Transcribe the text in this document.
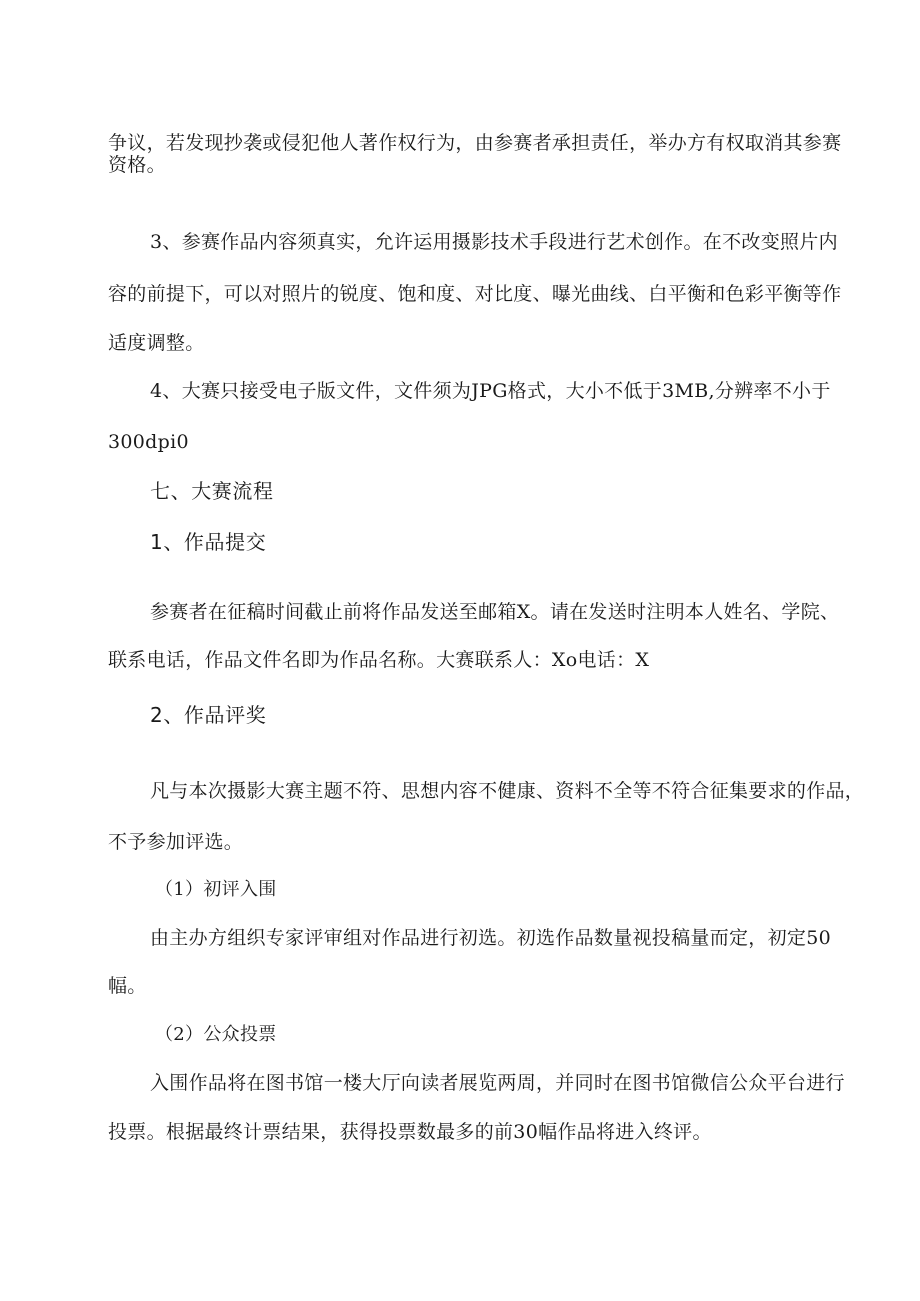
争议，若发现抄袭或侵犯他人著作权行为，由参赛者承担责任，举办方有权取消其参赛
资格。
3、参赛作品内容须真实，允许运用摄影技术手段进行艺术创作。在不改变照片内
容的前提下，可以对照片的锐度、饱和度、对比度、曝光曲线、白平衡和色彩平衡等作
适度调整。
4、大赛只接受电子版文件，文件须为JPG格式，大小不低于3MB,分辨率不小于
300dpi0
七、大赛流程
1、作品提交
参赛者在征稿时间截止前将作品发送至邮箱X。请在发送时注明本人姓名、学院、
联系电话，作品文件名即为作品名称。大赛联系人：Xo电话：X
2、作品评奖
凡与本次摄影大赛主题不符、思想内容不健康、资料不全等不符合征集要求的作品，
不予参加评选。
（1）初评入围
由主办方组织专家评审组对作品进行初选。初选作品数量视投稿量而定，初定50
幅。
（2）公众投票
入围作品将在图书馆一楼大厅向读者展览两周，并同时在图书馆微信公众平台进行
投票。根据最终计票结果，获得投票数最多的前30幅作品将进入终评。
